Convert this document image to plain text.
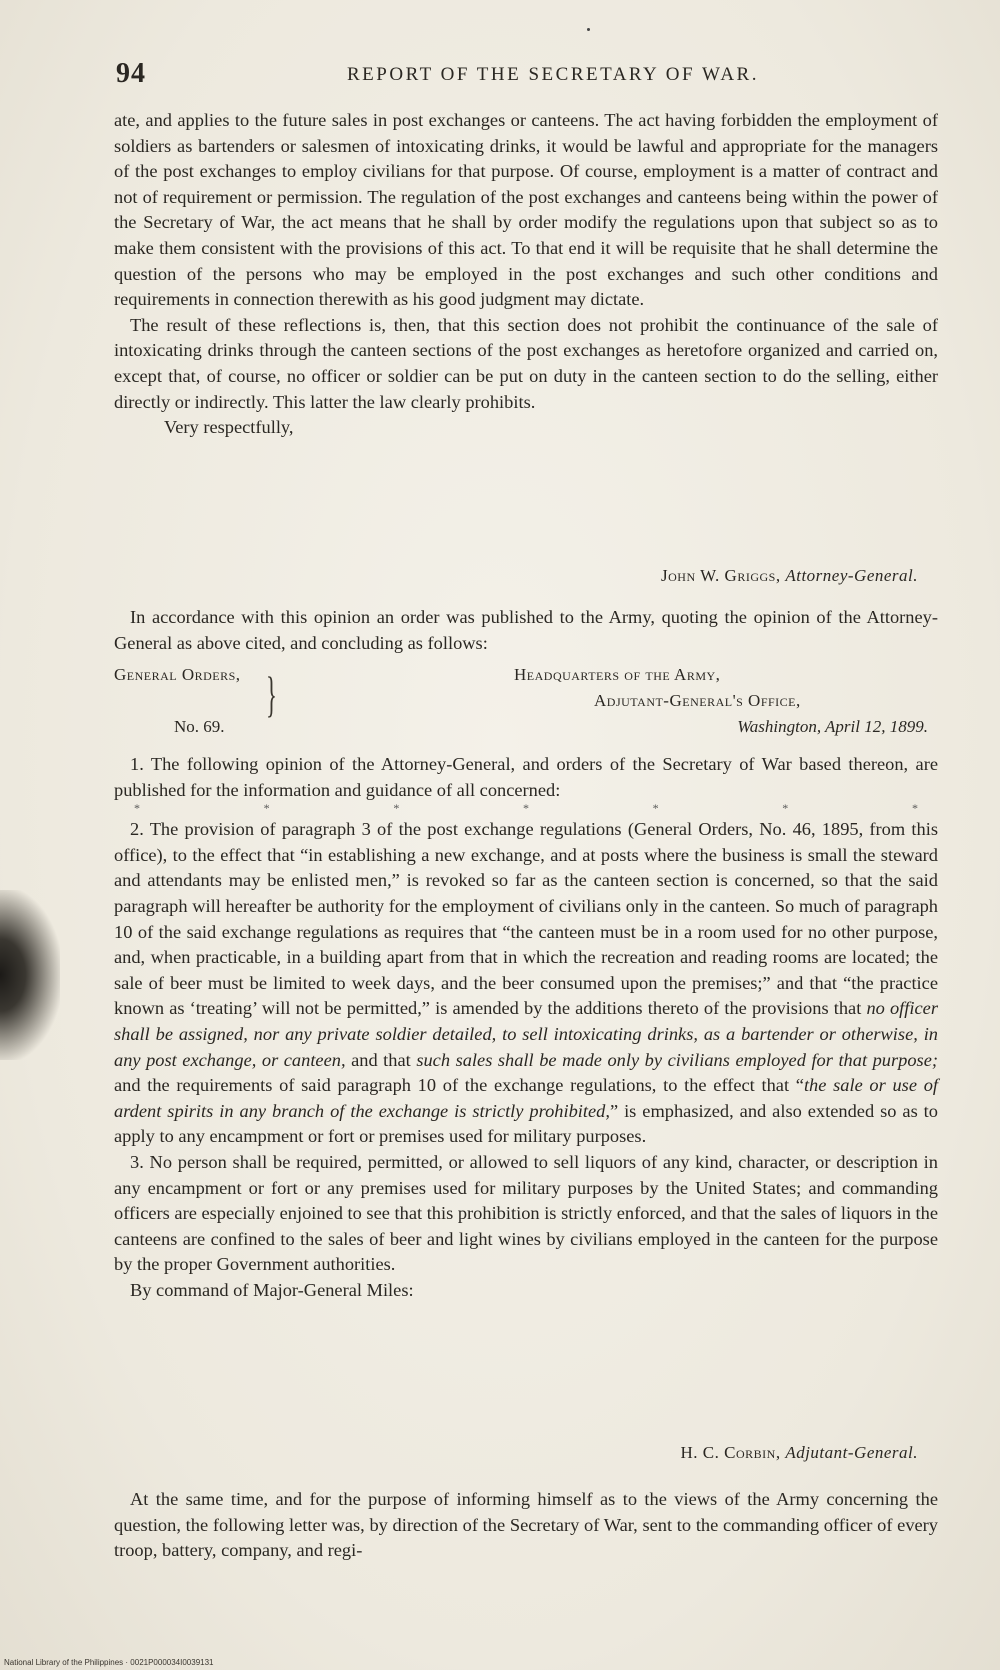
94	REPORT OF THE SECRETARY OF WAR.

ate, and applies to the future sales in post exchanges or canteens. The act having forbidden the employment of soldiers as bartenders or salesmen of intoxicating drinks, it would be lawful and appropriate for the managers of the post exchanges to employ civilians for that purpose. Of course, employment is a matter of contract and not of requirement or permission. The regulation of the post exchanges and canteens being within the power of the Secretary of War, the act means that he shall by order modify the regulations upon that subject so as to make them consistent with the provisions of this act. To that end it will be requisite that he shall determine the question of the persons who may be employed in the post exchanges and such other conditions and requirements in connection therewith as his good judgment may dictate.

The result of these reflections is, then, that this section does not prohibit the continuance of the sale of intoxicating drinks through the canteen sections of the post exchanges as heretofore organized and carried on, except that, of course, no officer or soldier can be put on duty in the canteen section to do the selling, either directly or indirectly. This latter the law clearly prohibits.

Very respectfully,

John W. Griggs, Attorney-General.

In accordance with this opinion an order was published to the Army, quoting the opinion of the Attorney-General as above cited, and concluding as follows:

General Orders, }
No. 69.
Headquarters of the Army,
Adjutant-General's Office,
Washington, April 12, 1899.

1. The following opinion of the Attorney-General, and orders of the Secretary of War based thereon, are published for the information and guidance of all concerned:

*	*	*	*	*	*	*

2. The provision of paragraph 3 of the post exchange regulations (General Orders, No. 46, 1895, from this office), to the effect that “in establishing a new exchange, and at posts where the business is small the steward and attendants may be enlisted men,” is revoked so far as the canteen section is concerned, so that the said paragraph will hereafter be authority for the employment of civilians only in the canteen. So much of paragraph 10 of the said exchange regulations as requires that “the canteen must be in a room used for no other purpose, and, when practicable, in a building apart from that in which the recreation and reading rooms are located; the sale of beer must be limited to week days, and the beer consumed upon the premises;” and that “the practice known as ‘treating’ will not be permitted,” is amended by the additions thereto of the provisions that no officer shall be assigned, nor any private soldier detailed, to sell intoxicating drinks, as a bartender or otherwise, in any post exchange, or canteen, and that such sales shall be made only by civilians employed for that purpose; and the requirements of said paragraph 10 of the exchange regulations, to the effect that “the sale or use of ardent spirits in any branch of the exchange is strictly prohibited,” is emphasized, and also extended so as to apply to any encampment or fort or premises used for military purposes.

3. No person shall be required, permitted, or allowed to sell liquors of any kind, character, or description in any encampment or fort or any premises used for military purposes by the United States; and commanding officers are especially enjoined to see that this prohibition is strictly enforced, and that the sales of liquors in the canteens are confined to the sales of beer and light wines by civilians employed in the canteen for the purpose by the proper Government authorities.

By command of Major-General Miles:

H. C. Corbin, Adjutant-General.

At the same time, and for the purpose of informing himself as to the views of the Army concerning the question, the following letter was, by direction of the Secretary of War, sent to the commanding officer of every troop, battery, company, and regi-

National Library of the Philippines · 0021P000034I0039131
